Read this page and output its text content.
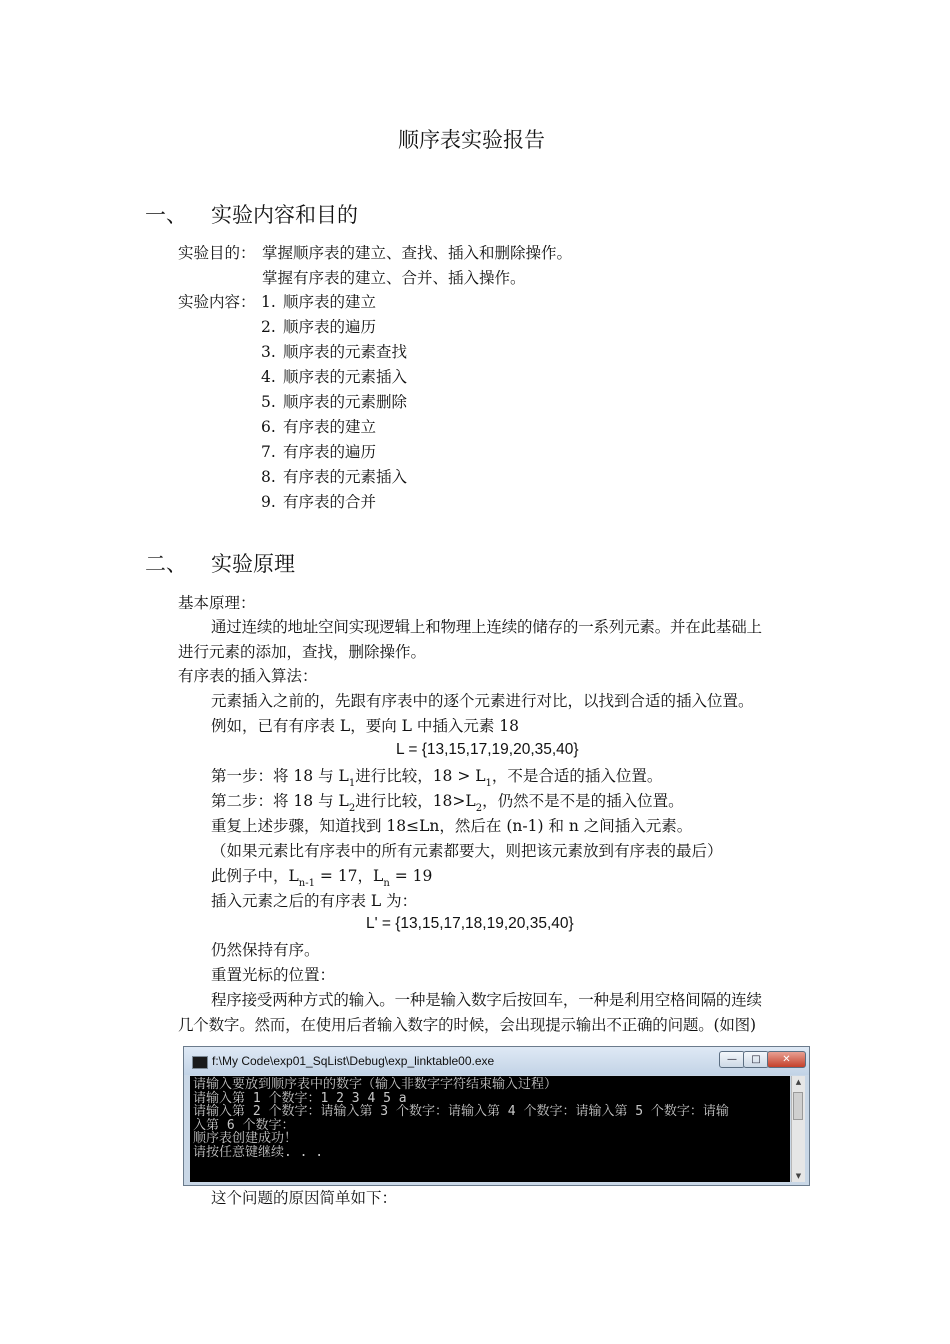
顺序表实验报告
一、 实验内容和目的
实验目的： 掌握顺序表的建立、查找、插入和删除操作。
掌握有序表的建立、合并、插入操作。
实验内容： 1. 顺序表的建立
2. 顺序表的遍历
3. 顺序表的元素查找
4. 顺序表的元素插入
5. 顺序表的元素删除
6. 有序表的建立
7. 有序表的遍历
8. 有序表的元素插入
9. 有序表的合并
二、 实验原理
基本原理：
通过连续的地址空间实现逻辑上和物理上连续的储存的一系列元素。并在此基础上
进行元素的添加，查找，删除操作。
有序表的插入算法：
元素插入之前的，先跟有序表中的逐个元素进行对比，以找到合适的插入位置。
例如，已有有序表 L，要向 L 中插入元素 18
L = {13,15,17,19,20,35,40}
第一步：将 18 与 $L_1$进行比较，$18 > L_1$，不是合适的插入位置。
第二步：将 18 与 $L_2$进行比较，$18>L_2$，仍然不是不是的插入位置。
重复上述步骤，知道找到 18≤Ln，然后在 (n-1) 和 n 之间插入元素。
（如果元素比有序表中的所有元素都要大，则把该元素放到有序表的最后）
此例子中，$L_{n-1} = 17$，$L_n = 19$
插入元素之后的有序表 L 为：
L' = {13,15,17,18,19,20,35,40}
仍然保持有序。
重置光标的位置：
程序接受两种方式的输入。一种是输入数字后按回车，一种是利用空格间隔的连续
几个数字。然而，在使用后者输入数字的时候，会出现提示输出不正确的问题。(如图)
f:\My Code\exp01_SqList\Debug\exp_linktable00.exe	—	□	✕
请输入要放到顺序表中的数字（输入非数字字符结束输入过程）
请输入第 1 个数字：1 2 3 4 5 a
请输入第 2 个数字：请输入第 3 个数字：请输入第 4 个数字：请输入第 5 个数字：请输
入第 6 个数字：
顺序表创建成功！
请按任意键继续. . .
▲
▼
这个问题的原因简单如下：
